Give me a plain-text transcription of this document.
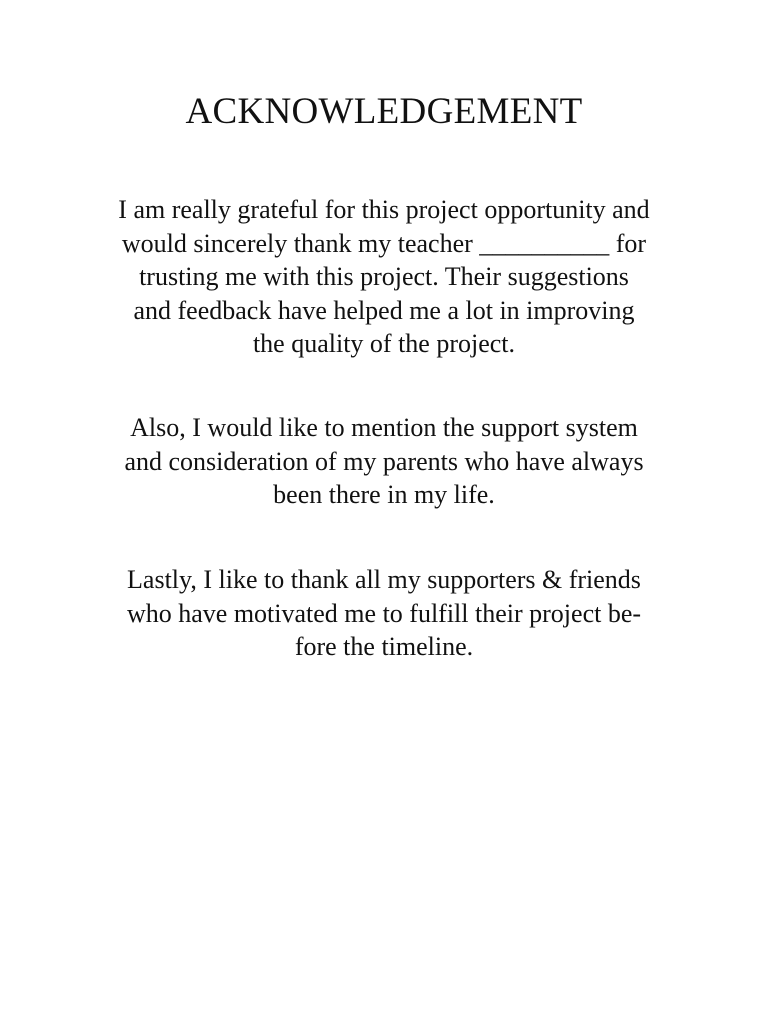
ACKNOWLEDGEMENT

I am really grateful for this project opportunity and
would sincerely thank my teacher __________ for
trusting me with this project. Their suggestions
and feedback have helped me a lot in improving
the quality of the project.

Also, I would like to mention the support system
and consideration of my parents who have always
been there in my life.

Lastly, I like to thank all my supporters & friends
who have motivated me to fulfill their project be-
fore the timeline.
